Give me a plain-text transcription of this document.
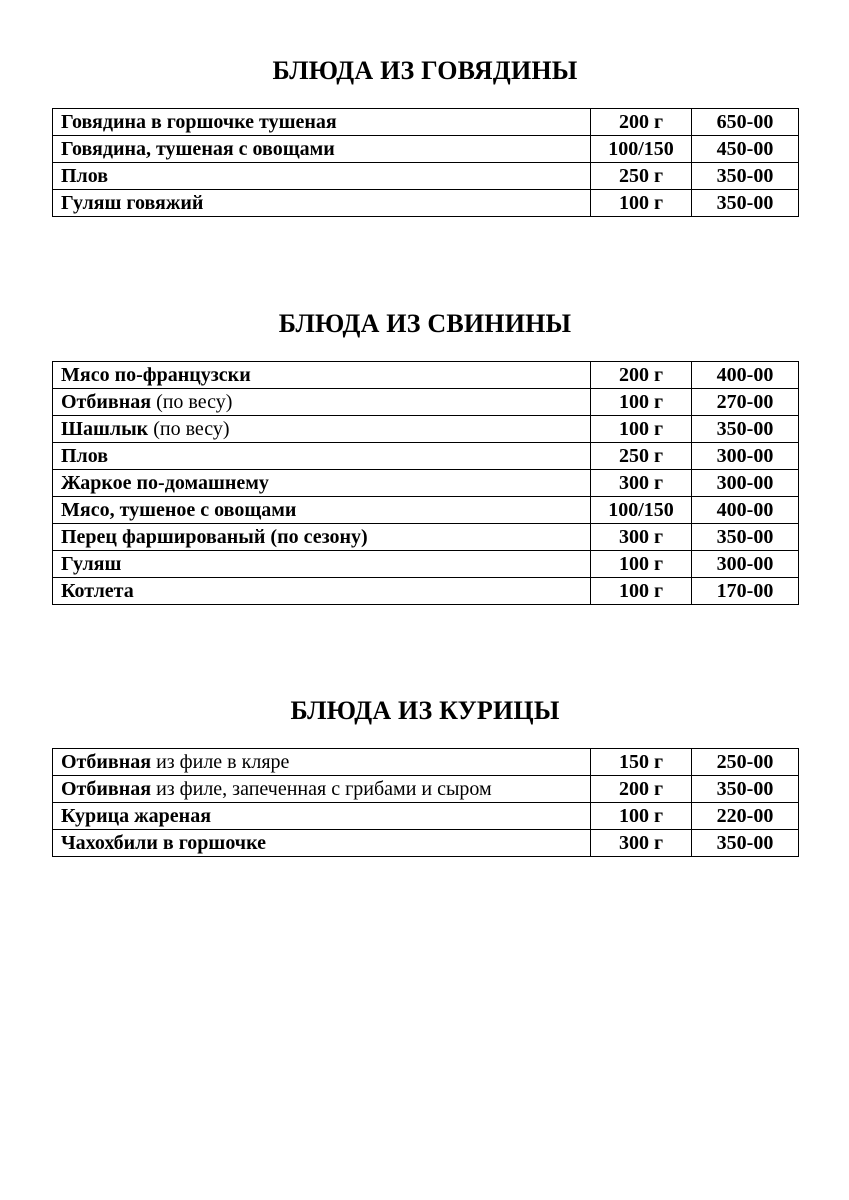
БЛЮДА ИЗ ГОВЯДИНЫ
Говядина в горшочке тушеная	200 г	650-00
Говядина, тушеная с овощами	100/150	450-00
Плов	250 г	350-00
Гуляш говяжий	100 г	350-00
БЛЮДА ИЗ СВИНИНЫ
Мясо по-французски	200 г	400-00
Отбивная (по весу)	100 г	270-00
Шашлык (по весу)	100 г	350-00
Плов	250 г	300-00
Жаркое по-домашнему	300 г	300-00
Мясо, тушеное с овощами	100/150	400-00
Перец фаршированый (по сезону)	300 г	350-00
Гуляш	100 г	300-00
Котлета	100 г	170-00
БЛЮДА ИЗ КУРИЦЫ
Отбивная из филе в кляре	150 г	250-00
Отбивная из филе, запеченная с грибами и сыром	200 г	350-00
Курица жареная	100 г	220-00
Чахохбили в горшочке	300 г	350-00
